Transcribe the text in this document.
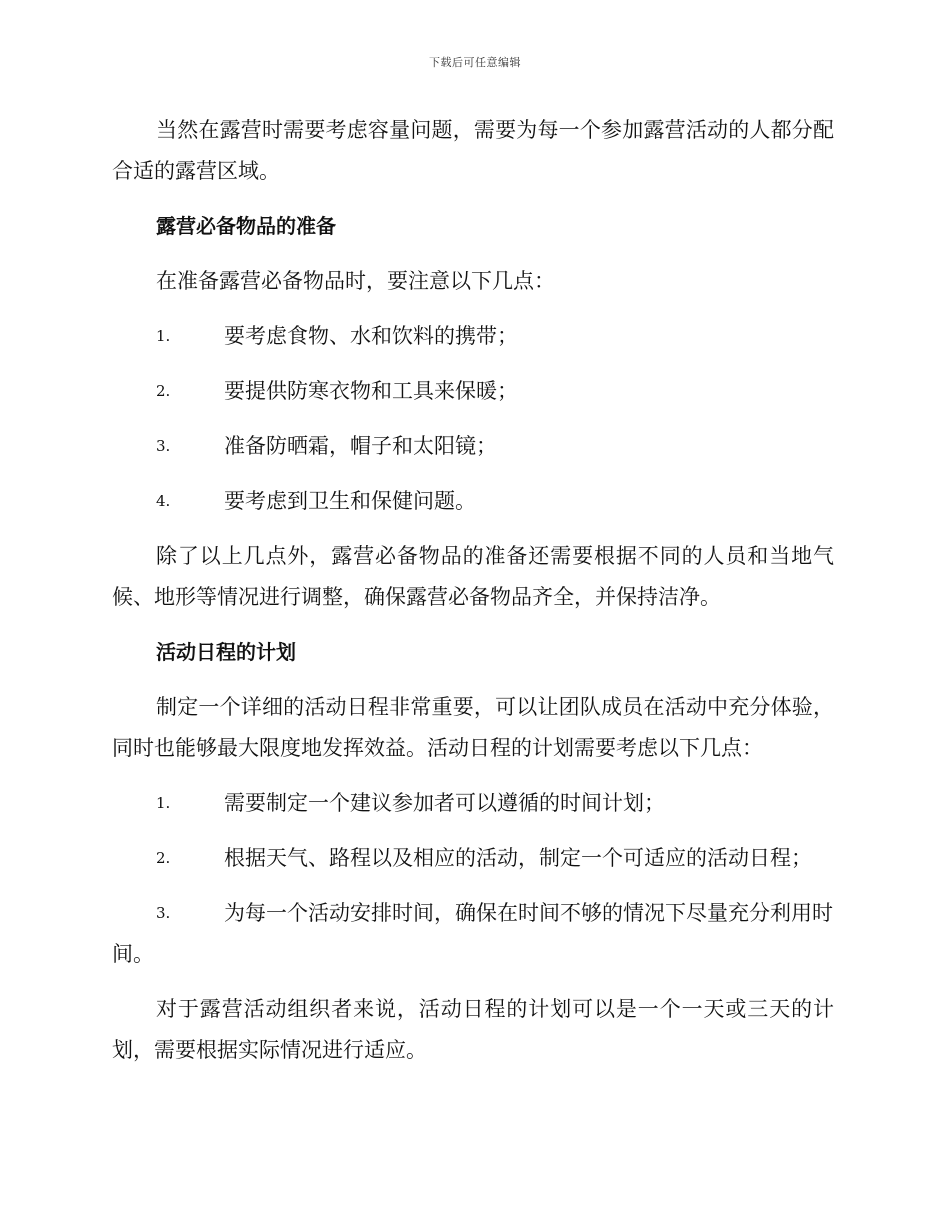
下载后可任意编辑

当然在露营时需要考虑容量问题，需要为每一个参加露营活动的人都分配合适的露营区域。

露营必备物品的准备

在准备露营必备物品时，要注意以下几点：

1.	要考虑食物、水和饮料的携带；
2.	要提供防寒衣物和工具来保暖；
3.	准备防晒霜，帽子和太阳镜；
4.	要考虑到卫生和保健问题。

除了以上几点外，露营必备物品的准备还需要根据不同的人员和当地气候、地形等情况进行调整，确保露营必备物品齐全，并保持洁净。

活动日程的计划

制定一个详细的活动日程非常重要，可以让团队成员在活动中充分体验，同时也能够最大限度地发挥效益。活动日程的计划需要考虑以下几点：

1.	需要制定一个建议参加者可以遵循的时间计划；
2.	根据天气、路程以及相应的活动，制定一个可适应的活动日程；
3.	为每一个活动安排时间，确保在时间不够的情况下尽量充分利用时间。

对于露营活动组织者来说，活动日程的计划可以是一个一天或三天的计划，需要根据实际情况进行适应。
